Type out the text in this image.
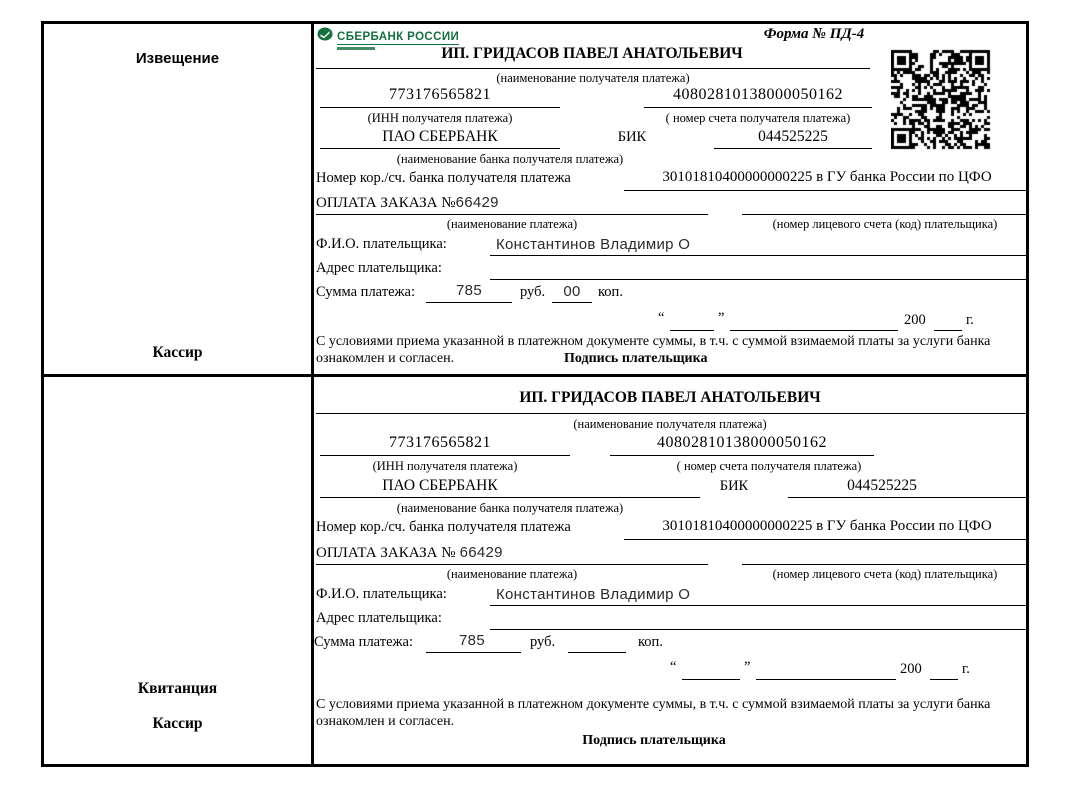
Извещение
Кассир
СБЕРБАНК РОССИИ	Форма № ПД-4
ИП. ГРИДАСОВ ПАВЕЛ АНАТОЛЬЕВИЧ
(наименование получателя платежа)
773176565821	40802810138000050162
(ИНН получателя платежа)	( номер счета получателя платежа)
ПАО СБЕРБАНК	БИК	044525225
(наименование банка получателя платежа)
Номер кор./сч. банка получателя платежа	30101810400000000225 в ГУ банка России по ЦФО
ОПЛАТА ЗАКАЗА №66429
(наименование платежа)	(номер лицевого счета (код) плательщика)
Ф.И.О. плательщика:	Константинов Владимир О
Адрес плательщика:
Сумма платежа:	785	руб.	00	коп.
“	”	200	г.
С условиями приема указанной в платежном документе суммы, в т.ч. с суммой взимаемой платы за услуги банка
ознакомлен и согласен.	Подпись плательщика
Квитанция
Кассир
ИП. ГРИДАСОВ ПАВЕЛ АНАТОЛЬЕВИЧ
(наименование получателя платежа)
773176565821	40802810138000050162
(ИНН получателя платежа)	( номер счета получателя платежа)
ПАО СБЕРБАНК	БИК	044525225
(наименование банка получателя платежа)
Номер кор./сч. банка получателя платежа	30101810400000000225 в ГУ банка России по ЦФО
ОПЛАТА ЗАКАЗА № 66429
(наименование платежа)	(номер лицевого счета (код) плательщика)
Ф.И.О. плательщика:	Константинов Владимир О
Адрес плательщика:
Сумма платежа:	785	руб.	коп.
“	”	200	г.
С условиями приема указанной в платежном документе суммы, в т.ч. с суммой взимаемой платы за услуги банка
ознакомлен и согласен.
Подпись плательщика
